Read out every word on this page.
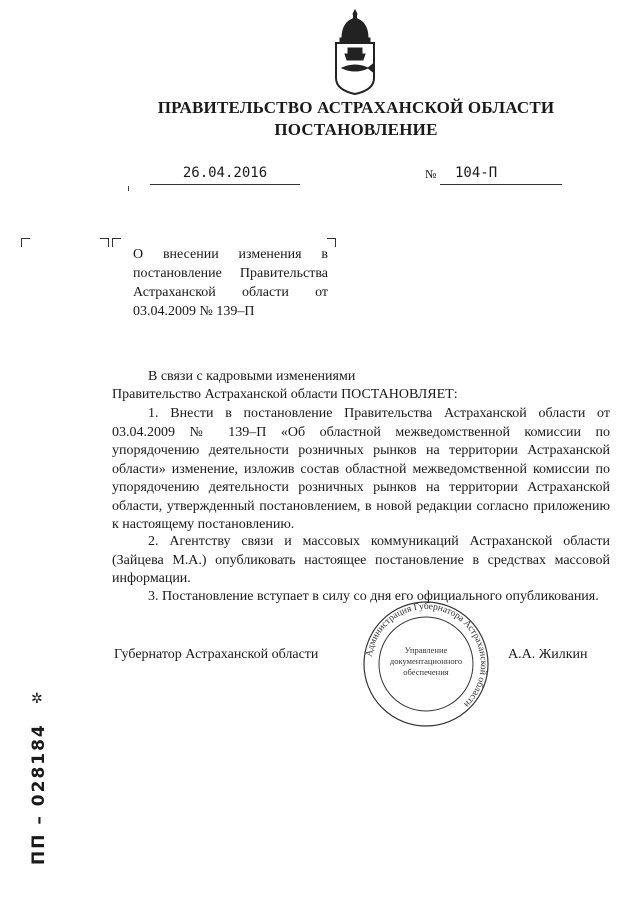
ПРАВИТЕЛЬСТВО АСТРАХАНСКОЙ ОБЛАСТИ
ПОСТАНОВЛЕНИЕ
26.04.2016	№ 104-П
О внесении изменения в постановление Правительства Астраханской области от 03.04.2009 № 139–П
В связи с кадровыми изменениями
Правительство Астраханской области ПОСТАНОВЛЯЕТ:
1. Внести в постановление Правительства Астраханской области от 03.04.2009 № 139–П «Об областной межведомственной комиссии по упорядочению деятельности розничных рынков на территории Астраханской области» изменение, изложив состав областной межведомственной комиссии по упорядочению деятельности розничных рынков на территории Астраханской области, утвержденный постановлением, в новой редакции согласно приложению к настоящему постановлению.
2. Агентству связи и массовых коммуникаций Астраханской области (Зайцева М.А.) опубликовать настоящее постановление в средствах массовой информации.
3. Постановление вступает в силу со дня его официального опубликования.
Губернатор Астраханской области	А.А. Жилкин
Администрация Губернатора Астраханской области
Управление
документационного
обеспечения
✲
ПП – 028184
